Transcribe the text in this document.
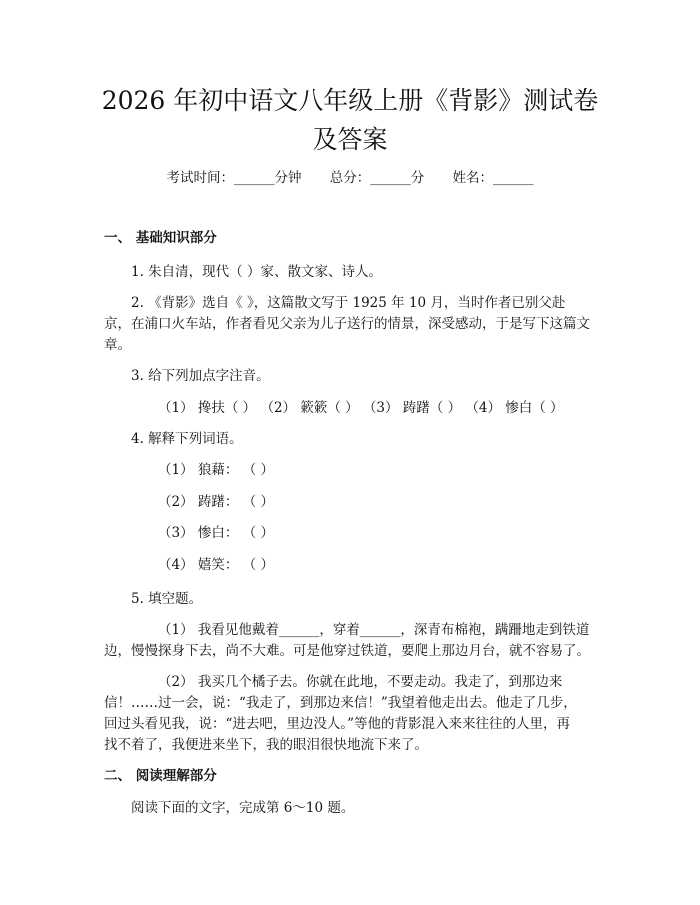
2026 年初中语文八年级上册《背影》测试卷
及答案
考试时间：______分钟 总分：______分 姓名：______
一、 基础知识部分
1. 朱自清，现代（ ）家、散文家、诗人。
2. 《背影》选自《 》，这篇散文写于 1925 年 10 月，当时作者已别父赴
京，在浦口火车站，作者看见父亲为儿子送行的情景，深受感动，于是写下这篇文
章。
3. 给下列加点字注音。
（1） 搀扶（ ） （2） 簌簌（ ） （3） 踌躇（ ） （4） 惨白（ ）
4. 解释下列词语。
（1） 狼藉： （ ）
（2） 踌躇： （ ）
（3） 惨白： （ ）
（4） 嬉笑： （ ）
5. 填空题。
（1） 我看见他戴着______，穿着______，深青布棉袍，蹒跚地走到铁道
边，慢慢探身下去，尚不大难。可是他穿过铁道，要爬上那边月台，就不容易了。
（2） 我买几个橘子去。你就在此地，不要走动。我走了，到那边来
信！……过一会，说：“我走了，到那边来信！”我望着他走出去。他走了几步，
回过头看见我，说：“进去吧，里边没人。”等他的背影混入来来往往的人里，再
找不着了，我便进来坐下，我的眼泪很快地流下来了。
二、 阅读理解部分
阅读下面的文字，完成第 6～10 题。
